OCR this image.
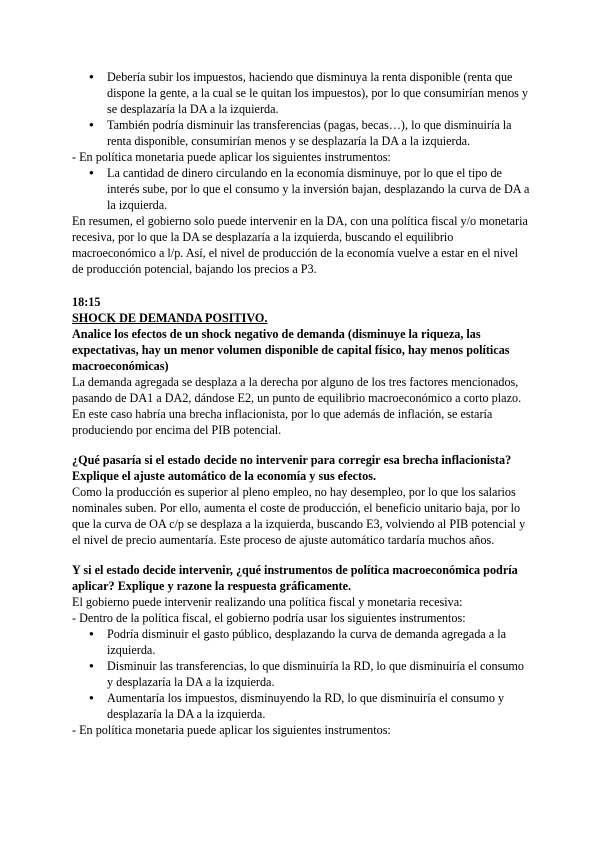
● Debería subir los impuestos, haciendo que disminuya la renta disponible (renta que dispone la gente, a la cual se le quitan los impuestos), por lo que consumirían menos y se desplazaría la DA a la izquierda.
● También podría disminuir las transferencias (pagas, becas…), lo que disminuiría la renta disponible, consumirían menos y se desplazaría la DA a la izquierda.

- En política monetaria puede aplicar los siguientes instrumentos:

● La cantidad de dinero circulando en la economía disminuye, por lo que el tipo de interés sube, por lo que el consumo y la inversión bajan, desplazando la curva de DA a la izquierda.

En resumen, el gobierno solo puede intervenir en la DA, con una política fiscal y/o monetaria recesiva, por lo que la DA se desplazaría a la izquierda, buscando el equilibrio macroeconómico a l/p. Así, el nivel de producción de la economía vuelve a estar en el nivel de producción potencial, bajando los precios a P3.

18:15

SHOCK DE DEMANDA POSITIVO.

Analice los efectos de un shock negativo de demanda (disminuye la riqueza, las expectativas, hay un menor volumen disponible de capital físico, hay menos políticas macroeconómicas)

La demanda agregada se desplaza a la derecha por alguno de los tres factores mencionados, pasando de DA1 a DA2, dándose E2, un punto de equilibrio macroeconómico a corto plazo. En este caso habría una brecha inflacionista, por lo que además de inflación, se estaría produciendo por encima del PIB potencial.

¿Qué pasaría si el estado decide no intervenir para corregir esa brecha inflacionista? Explique el ajuste automático de la economía y sus efectos.

Como la producción es superior al pleno empleo, no hay desempleo, por lo que los salarios nominales suben. Por ello, aumenta el coste de producción, el beneficio unitario baja, por lo que la curva de OA c/p se desplaza a la izquierda, buscando E3, volviendo al PIB potencial y el nivel de precio aumentaría. Este proceso de ajuste automático tardaría muchos años.

Y si el estado decide intervenir, ¿qué instrumentos de política macroeconómica podría aplicar? Explique y razone la respuesta gráficamente.

El gobierno puede intervenir realizando una política fiscal y monetaria recesiva:

- Dentro de la política fiscal, el gobierno podría usar los siguientes instrumentos:

● Podría disminuir el gasto público, desplazando la curva de demanda agregada a la izquierda.
● Disminuir las transferencias, lo que disminuiría la RD, lo que disminuiría el consumo y desplazaría la DA a la izquierda.
● Aumentaría los impuestos, disminuyendo la RD, lo que disminuiría el consumo y desplazaría la DA a la izquierda.

- En política monetaria puede aplicar los siguientes instrumentos:
